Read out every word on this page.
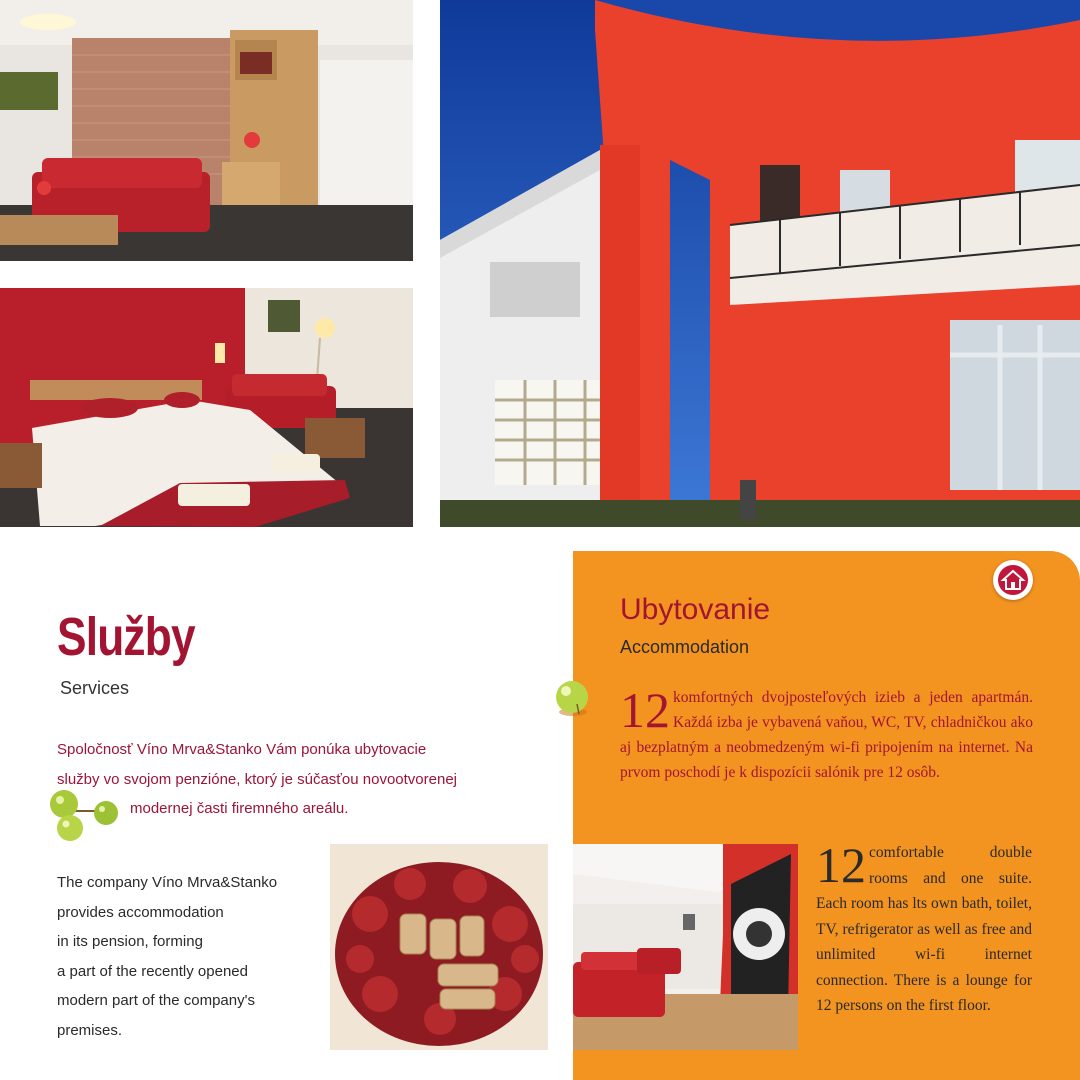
Služby
Services
Spoločnosť Víno Mrva&Stanko Vám ponúka ubytovacie
služby vo svojom penzióne, ktorý je súčasťou novootvorenej
modernej časti firemného areálu.
The company Víno Mrva&Stanko
provides accommodation
in its pension, forming
a part of the recently opened
modern part of the company's
premises.
Ubytovanie
Accommodation
12 komfortných dvojposteľových izieb a jeden apartmán. Každá izba je vybavená vaňou, WC, TV, chladničkou ako aj bezplatným a neobmedzeným wi-fi pripojením na internet. Na prvom poschodí je k dispozícii salónik pre 12 osôb.
12 comfortable double rooms and one suite. Each room has lts own bath, toilet, TV, refrigerator as well as free and unlimited wi-fi internet connection. There is a lounge for 12 persons on the first floor.
